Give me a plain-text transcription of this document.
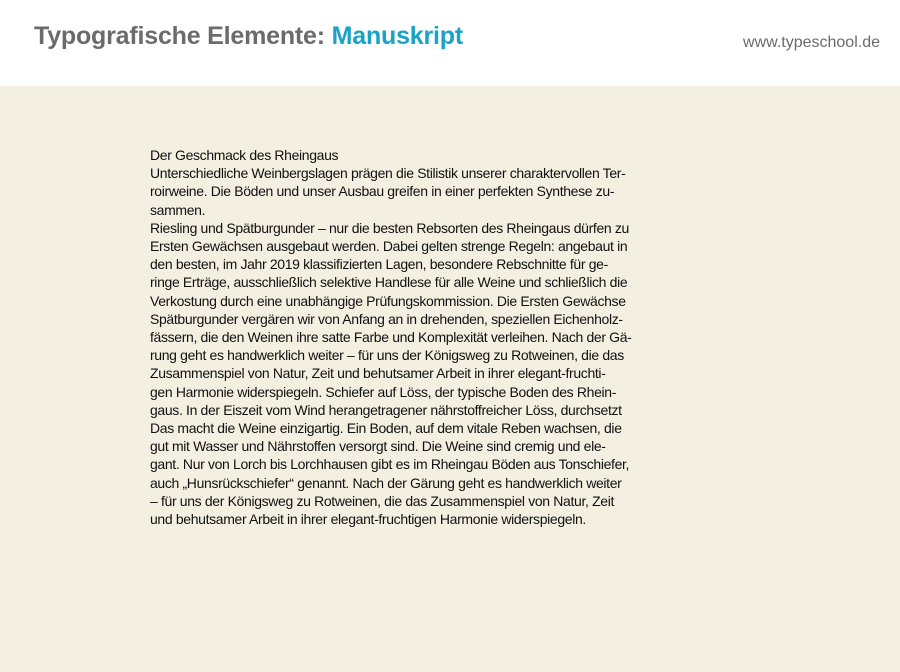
Typografische Elemente: Manuskript	www.typeschool.de
Der Geschmack des Rheingaus
Unterschiedliche Weinbergslagen prägen die Stilistik unserer charaktervollen Ter-
roirweine. Die Böden und unser Ausbau greifen in einer perfekten Synthese zu-
sammen.
Riesling und Spätburgunder – nur die besten Rebsorten des Rheingaus dürfen zu
Ersten Gewächsen ausgebaut werden. Dabei gelten strenge Regeln: angebaut in
den besten, im Jahr 2019 klassifizierten Lagen, besondere Rebschnitte für ge-
ringe Erträge, ausschließlich selektive Handlese für alle Weine und schließlich die
Verkostung durch eine unabhängige Prüfungskommission. Die Ersten Gewächse
Spätburgunder vergären wir von Anfang an in drehenden, speziellen Eichenholz-
fässern, die den Weinen ihre satte Farbe und Komplexität verleihen. Nach der Gä-
rung geht es handwerklich weiter – für uns der Königsweg zu Rotweinen, die das
Zusammenspiel von Natur, Zeit und behutsamer Arbeit in ihrer elegant-fruchti-
gen Harmonie widerspiegeln. Schiefer auf Löss, der typische Boden des Rhein-
gaus. In der Eiszeit vom Wind herangetragener nährstoffreicher Löss, durchsetzt
Das macht die Weine einzigartig. Ein Boden, auf dem vitale Reben wachsen, die
gut mit Wasser und Nährstoffen versorgt sind. Die Weine sind cremig und ele-
gant. Nur von Lorch bis Lorchhausen gibt es im Rheingau Böden aus Tonschiefer,
auch „Hunsrückschiefer“ genannt. Nach der Gärung geht es handwerklich weiter
– für uns der Königsweg zu Rotweinen, die das Zusammenspiel von Natur, Zeit
und behutsamer Arbeit in ihrer elegant-fruchtigen Harmonie widerspiegeln.
